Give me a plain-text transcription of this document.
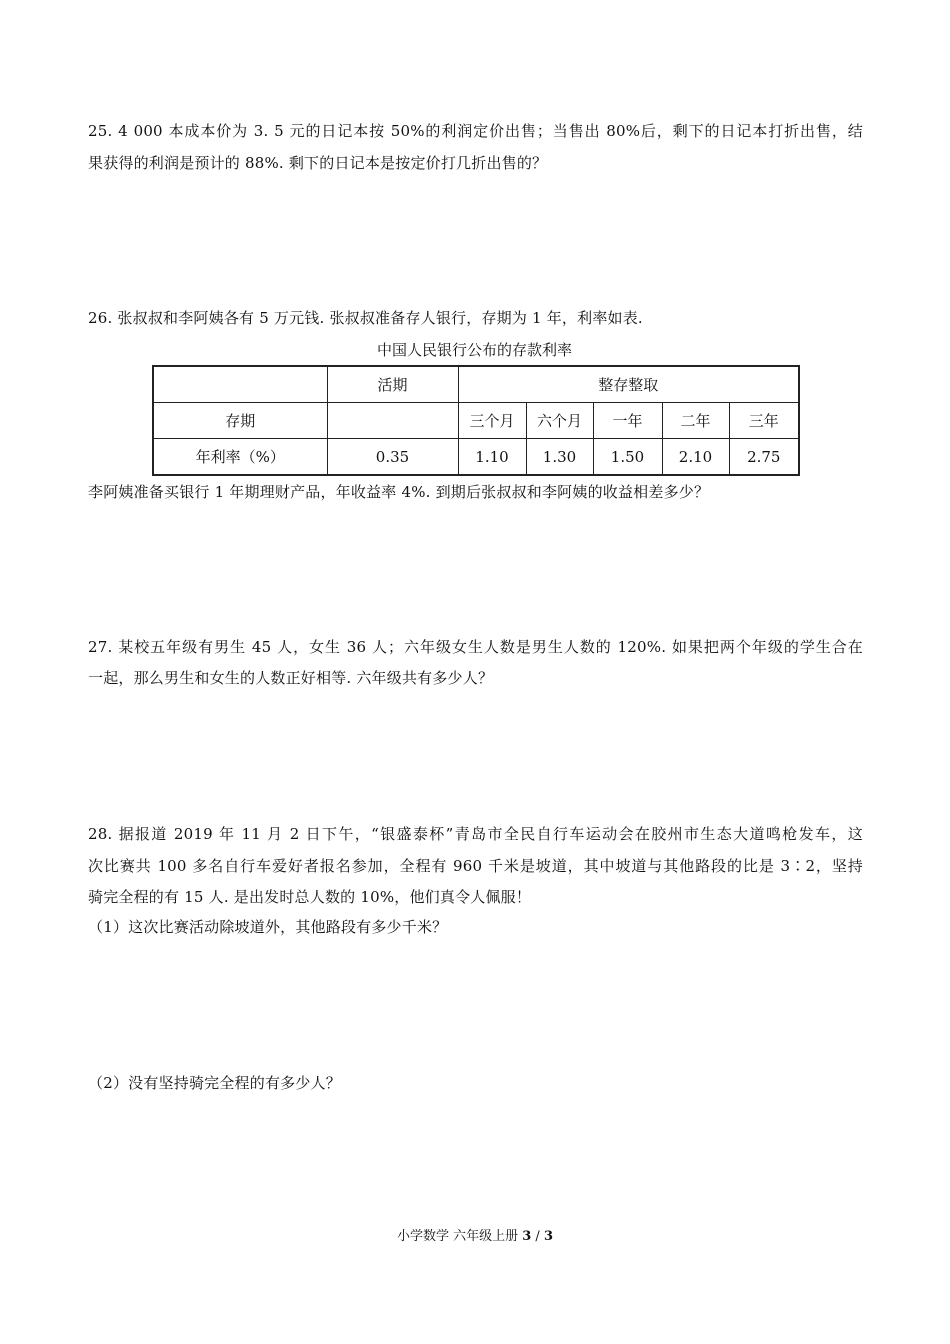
25. 4 000 本成本价为 3. 5 元的日记本按 50%的利润定价出售；当售出 80%后，剩下的日记本打折出售，结
果获得的利润是预计的 88%. 剩下的日记本是按定价打几折出售的？
26. 张叔叔和李阿姨各有 5 万元钱. 张叔叔准备存人银行，存期为 1 年，利率如表.
中国人民银行公布的存款利率
	活期	整存整取				
存期		三个月	六个月	一年	二年	三年
年利率（%）	0.35	1.10	1.30	1.50	2.10	2.75
李阿姨准备买银行 1 年期理财产品，年收益率 4%. 到期后张叔叔和李阿姨的收益相差多少？
27. 某校五年级有男生 45 人，女生 36 人；六年级女生人数是男生人数的 120%. 如果把两个年级的学生合在
一起，那么男生和女生的人数正好相等. 六年级共有多少人？
28. 据报道 2019 年 11 月 2 日下午，“银盛泰杯”青岛市全民自行车运动会在胶州市生态大道鸣枪发车，这
次比赛共 100 多名自行车爱好者报名参加，全程有 960 千米是坡道，其中坡道与其他路段的比是 3∶2，坚持
骑完全程的有 15 人. 是出发时总人数的 10%，他们真令人佩服！
（1）这次比赛活动除坡道外，其他路段有多少千米？
（2）没有坚持骑完全程的有多少人？
小学数学 六年级上册 3 / 3
